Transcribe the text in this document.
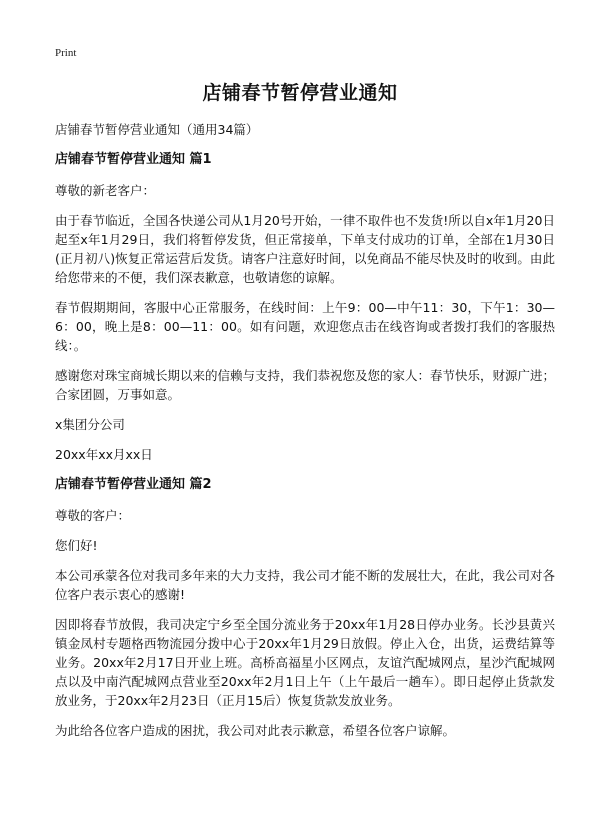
Print
店铺春节暂停营业通知

店铺春节暂停营业通知（通用34篇）

店铺春节暂停营业通知 篇1

尊敬的新老客户：

由于春节临近，全国各快递公司从1月20号开始，一律不取件也不发货!所以自x年1月20日起至x年1月29日，我们将暂停发货，但正常接单，下单支付成功的订单，全部在1月30日(正月初八)恢复正常运营后发货。请客户注意好时间，以免商品不能尽快及时的收到。由此给您带来的不便，我们深表歉意，也敬请您的谅解。

春节假期期间，客服中心正常服务，在线时间：上午9：00—中午11：30，下午1：30—6：00，晚上是8：00—11：00。如有问题，欢迎您点击在线咨询或者拨打我们的客服热线：。

感谢您对珠宝商城长期以来的信赖与支持，我们恭祝您及您的家人：春节快乐，财源广进；合家团圆，万事如意。

x集团分公司

20xx年xx月xx日

店铺春节暂停营业通知 篇2

尊敬的客户：

您们好!

本公司承蒙各位对我司多年来的大力支持，我公司才能不断的发展壮大，在此，我公司对各位客户表示衷心的感谢!

因即将春节放假，我司决定宁乡至全国分流业务于20xx年1月28日停办业务。长沙县黄兴镇金凤村专题格西物流园分拨中心于20xx年1月29日放假。停止入仓，出货，运费结算等业务。20xx年2月17日开业上班。高桥高福星小区网点，友谊汽配城网点，星沙汽配城网点以及中南汽配城网点营业至20xx年2月1日上午（上午最后一趟车）。即日起停止货款发放业务，于20xx年2月23日（正月15后）恢复货款发放业务。

为此给各位客户造成的困扰，我公司对此表示歉意，希望各位客户谅解。
